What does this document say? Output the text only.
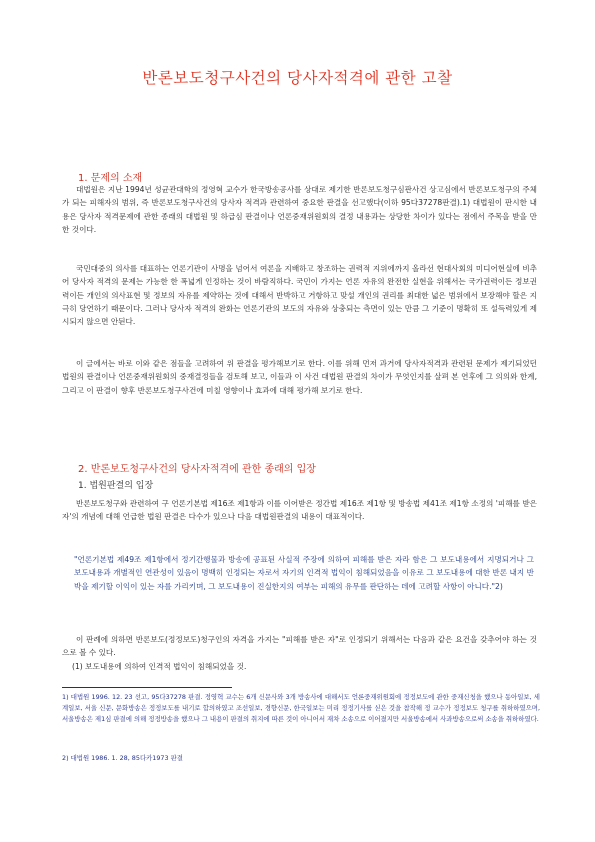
반론보도청구사건의 당사자적격에 관한 고찰
1. 문제의 소재
대법원은 지난 1994년 성균관대학의 정영혁 교수가 한국방송공사를 상대로 제기한 반론보도청구심판사건 상고심에서 반론보도청구의 주체가 되는 피해자의 범위, 즉 반론보도청구사건의 당사자 적격과 관련하여 중요한 판결을 선고했다(이하 95다37278판결).1) 대법원이 판시한 내용은 당사자 적격문제에 관한 종래의 대법원 및 하급심 판결이나 언론중재위원회의 결정 내용과는 상당한 차이가 있다는 점에서 주목을 받을 만한 것이다.
국민대중의 의사를 대표하는 언론기관이 사명을 넘어서 여론을 지배하고 창조하는 권력적 지위에까지 올라선 현대사회의 미디어현실에 비추어 당사자 적격의 문제는 가능한 한 폭넓게 인정하는 것이 바람직하다. 국민이 가지는 언론 자유의 완전한 실현을 위해서는 국가권력이든 정보권력이든 개인의 의사표현 및 정보의 자유를 제약하는 것에 대해서 반박하고 거항하고 맞설 개인의 권리를 최대한 넓은 범위에서 보장해야 할은 지극히 당연하기 때문이다. 그러나 당사자 적격의 완화는 언론기관의 보도의 자유와 상충되는 측면이 있는 만큼 그 기준이 명확히 또 설득력있게 제시되지 않으면 안된다.
이 글에서는 바로 이와 같은 점들을 고려하여 위 판결을 평가해보기로 한다. 이를 위해 먼저 과거에 당사자적격과 관련된 문제가 제기되었던 법원의 판결이나 언론중재위원회의 중재결정들을 검토해 보고, 이들과 이 사건 대법원 판결의 차이가 무엇인지를 살펴 본 연후에 그 의의와 한계, 그리고 이 판결이 향후 반론보도청구사건에 미칠 영향이나 효과에 대해 평가해 보기로 한다.
2. 반론보도청구사건의 당사자적격에 관한 종래의 입장
1. 법원판결의 입장
반론보도청구와 관련하여 구 언론기본법 제16조 제1항과 이를 이어받은 정간법 제16조 제1항 및 방송법 제41조 제1항 소정의 '피해를 받은 자'의 개념에 대해 언급한 법원 판결은 다수가 있으나 다음 대법원판결의 내용이 대표적이다.
"언론기본법 제49조 제1항에서 정기간행물과 방송에 공표된 사실적 주장에 의하여 피해를 받은 자라 함은 그 보도내용에서 지명되거나 그 보도내용과 개별적인 연관성이 있음이 명백히 인정되는 자로서 자기의 인격적 법익이 침해되었음을 이유로 그 보도내용에 대한 반론 내지 반박을 제기할 이익이 있는 자를 가리키며, 그 보도내용이 진실한지의 여부는 피해의 유무를 판단하는 데에 고려할 사항이 아니다."2)
이 판례에 의하면 반론보도(정정보도)청구인의 자격을 가지는 "피해를 받은 자"로 인정되기 위해서는 다음과 같은 요건을 갖추어야 하는 것으로 볼 수 있다.
(1) 보도내용에 의하여 인격적 법익이 침해되었을 것.
1) 대법원 1996. 12. 23 선고, 95다37278 판결. 정영혁 교수는 6개 신문사와 3개 방송사에 대해서도 언론중재위원회에 정정보도에 관한 중재신청을 했으나 동아일보, 세계일보, 서울 신문, 문화방송은 정정보도를 내기로 합의하였고 조선일보, 경향신문, 한국일보는 미리 정정기사를 싣은 것을 참작해 정 교수가 정정보도 청구를 취하하였으며, 서울방송은 제1심 판결에 의해 정정방송을 했으나 그 내용이 판결의 취지에 따른 것이 아니어서 재차 소송으로 이어졌지만 서울방송에서 사과방송으로써 소송을 취하하였다.
2) 대법원 1986. 1. 28, 85다카1973 판결
